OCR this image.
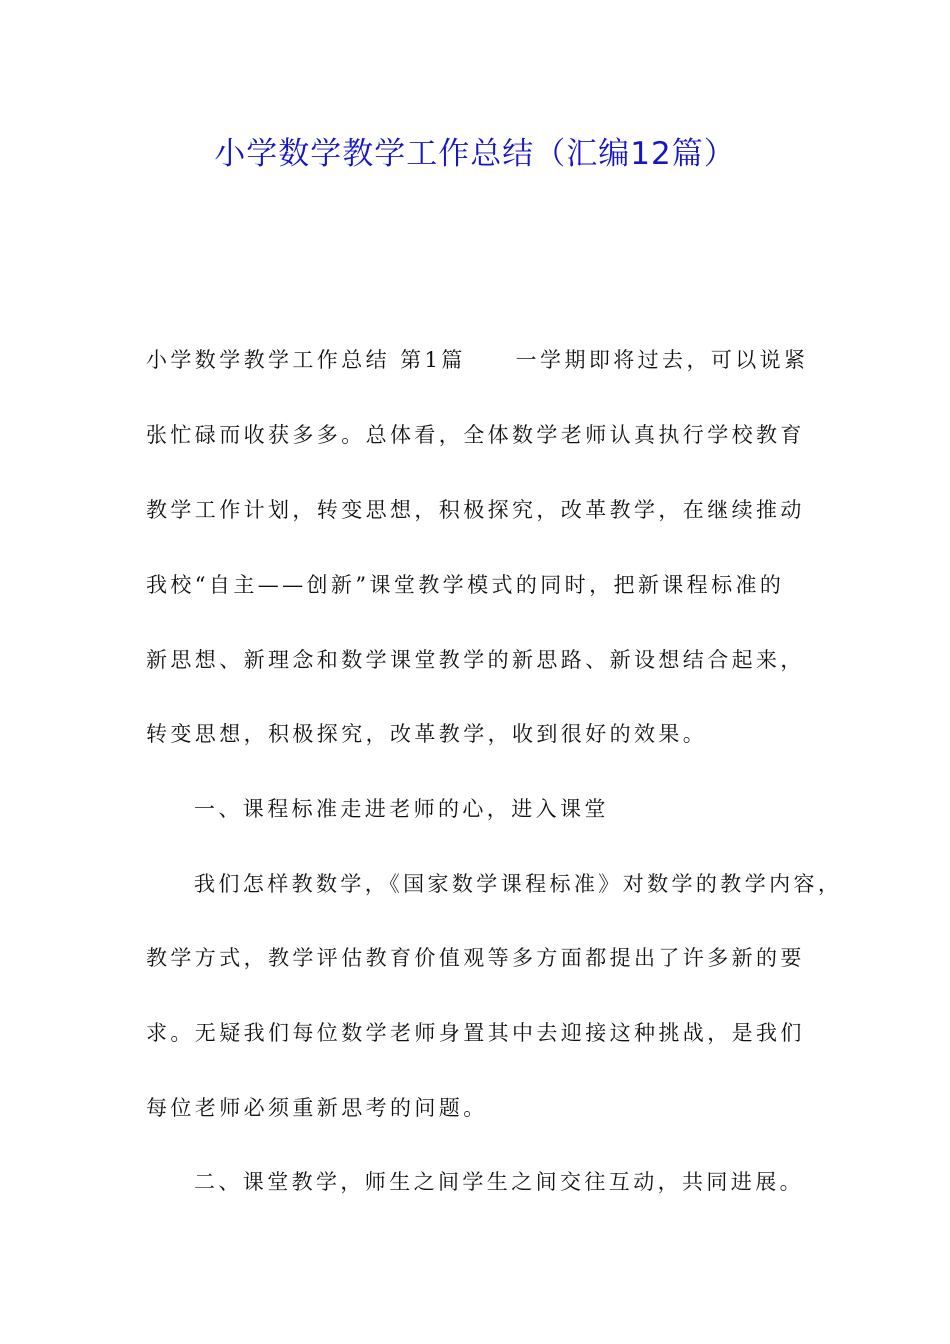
小学数学教学工作总结（汇编12篇）
小学数学教学工作总结 第1篇 一学期即将过去，可以说紧
张忙碌而收获多多。总体看，全体数学老师认真执行学校教育
教学工作计划，转变思想，积极探究，改革教学，在继续推动
我校“自主——创新”课堂教学模式的同时，把新课程标准的
新思想、新理念和数学课堂教学的新思路、新设想结合起来，
转变思想，积极探究，改革教学，收到很好的效果。
一、课程标准走进老师的心，进入课堂
我们怎样教数学，《国家数学课程标准》对数学的教学内容，
教学方式，教学评估教育价值观等多方面都提出了许多新的要
求。无疑我们每位数学老师身置其中去迎接这种挑战，是我们
每位老师必须重新思考的问题。
二、课堂教学，师生之间学生之间交往互动，共同进展。
